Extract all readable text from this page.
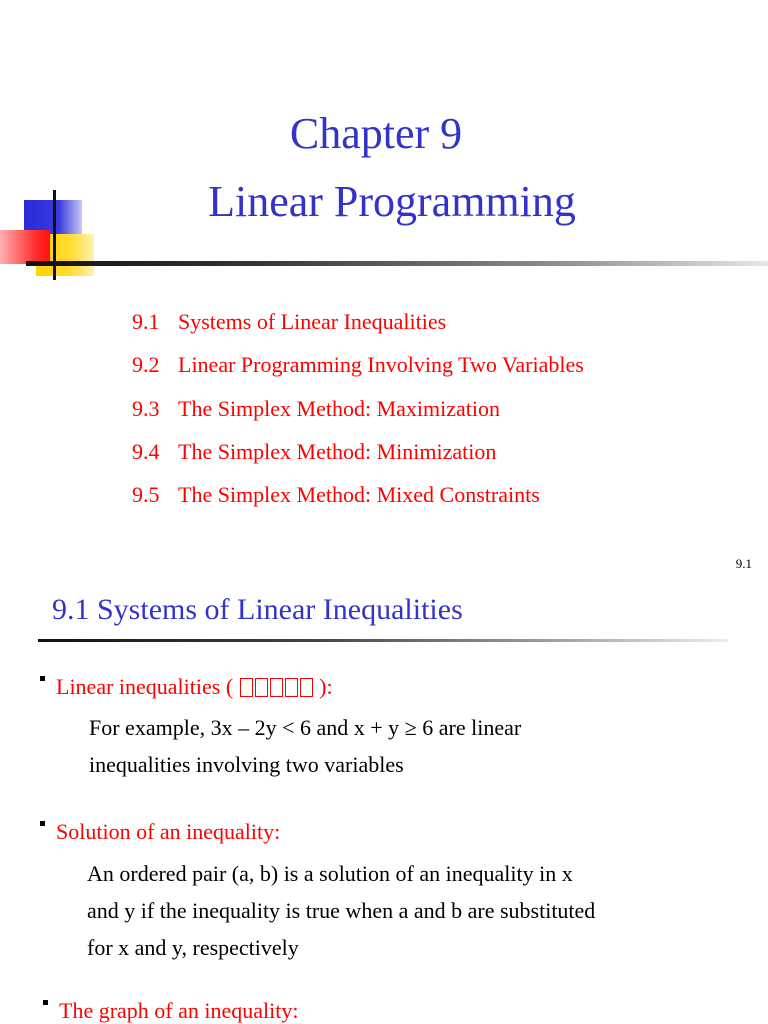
Chapter 9
Linear Programming
9.1 Systems of Linear Inequalities
9.2 Linear Programming Involving Two Variables
9.3 The Simplex Method: Maximization
9.4 The Simplex Method: Minimization
9.5 The Simplex Method: Mixed Constraints
9.1
9.1 Systems of Linear Inequalities
Linear inequalities (	):
For example, 3x – 2y < 6 and x + y ≥ 6 are linear
inequalities involving two variables
Solution of an inequality:
An ordered pair (a, b) is a solution of an inequality in x
and y if the inequality is true when a and b are substituted
for x and y, respectively
The graph of an inequality:
